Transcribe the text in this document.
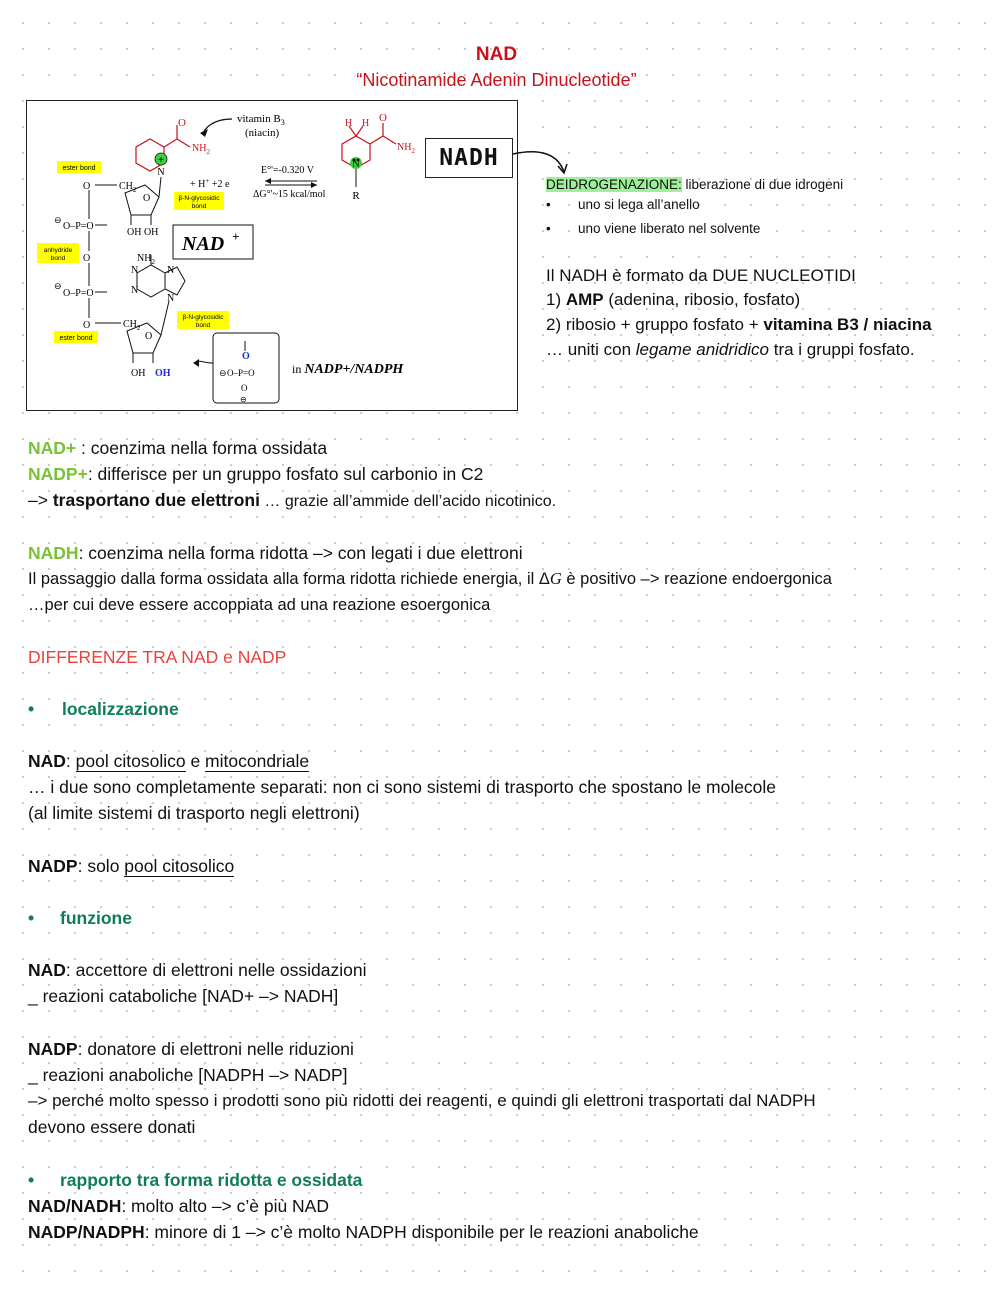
NAD
“Nicotinamide Adenin Dinucleotide”
O
$NH_2$
+
N
vitamin $B_3$
(niacin)
+ H+ +2 e
E°'=-0.320 V
ΔG°'~15 kcal/mol
H H O
$NH_2$
N
R
ester bond
β-N-glycosidic
bond
anhydride
bond
β-N-glycosidic
bond
ester bond
O	$CH_2$
O
OH OH
⊖
O–P=O
O
⊖
O–P=O
O	$CH_2$
O
OH OH
$NH_2$
N	N
N
N
NAD +
O
⊖ O–P=O
O
⊖
in NADP+/NADPH
NADH
DEIDROGENAZIONE: liberazione di due idrogeni
• uno si lega all’anello
• uno viene liberato nel solvente
Il NADH è formato da DUE NUCLEOTIDI
1) AMP (adenina, ribosio, fosfato)
2) ribosio + gruppo fosfato + vitamina B3 / niacina
… uniti con legame anidridico tra i gruppi fosfato.
NAD+ : coenzima nella forma ossidata
NADP+: differisce per un gruppo fosfato sul carbonio in C2
–> trasportano due elettroni … grazie all’ammide dell’acido nicotinico.
NADH: coenzima nella forma ridotta –> con legati i due elettroni
Il passaggio dalla forma ossidata alla forma ridotta richiede energia, il ΔG è positivo –> reazione endoergonica
…per cui deve essere accoppiata ad una reazione esoergonica
DIFFERENZE TRA NAD e NADP
• localizzazione
NAD: pool citosolico e mitocondriale
… i due sono completamente separati: non ci sono sistemi di trasporto che spostano le molecole
(al limite sistemi di trasporto negli elettroni)
NADP: solo pool citosolico
• funzione
NAD: accettore di elettroni nelle ossidazioni
_ reazioni cataboliche [NAD+ –> NADH]
NADP: donatore di elettroni nelle riduzioni
_ reazioni anaboliche [NADPH –> NADP]
–> perché molto spesso i prodotti sono più ridotti dei reagenti, e quindi gli elettroni trasportati dal NADPH
devono essere donati
• rapporto tra forma ridotta e ossidata
NAD/NADH: molto alto –> c’è più NAD
NADP/NADPH: minore di 1 –> c’è molto NADPH disponibile per le reazioni anaboliche
